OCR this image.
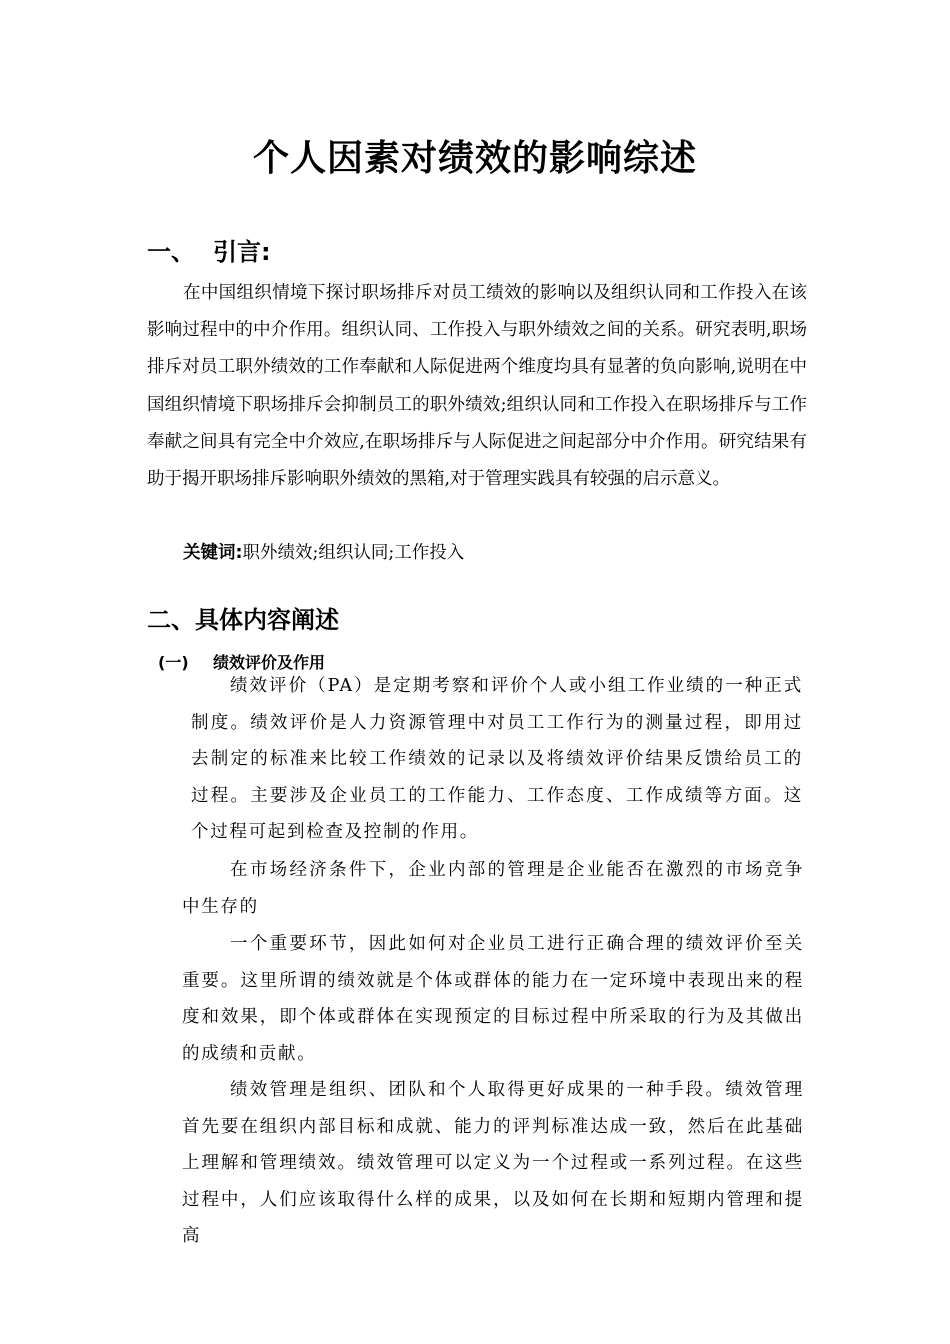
个人因素对绩效的影响综述
一、 引言:

在中国组织情境下探讨职场排斥对员工绩效的影响以及组织认同和工作投入在该影响过程中的中介作用。组织认同、工作投入与职外绩效之间的关系。研究表明,职场排斥对员工职外绩效的工作奉献和人际促进两个维度均具有显著的负向影响,说明在中国组织情境下职场排斥会抑制员工的职外绩效;组织认同和工作投入在职场排斥与工作奉献之间具有完全中介效应,在职场排斥与人际促进之间起部分中介作用。研究结果有助于揭开职场排斥影响职外绩效的黑箱,对于管理实践具有较强的启示意义。

关键词:职外绩效;组织认同;工作投入

二、具体内容阐述
(一) 绩效评价及作用

绩效评价（PA）是定期考察和评价个人或小组工作业绩的一种正式制度。绩效评价是人力资源管理中对员工工作行为的测量过程，即用过去制定的标准来比较工作绩效的记录以及将绩效评价结果反馈给员工的过程。主要涉及企业员工的工作能力、工作态度、工作成绩等方面。这个过程可起到检查及控制的作用。

在市场经济条件下，企业内部的管理是企业能否在激烈的市场竞争中生存的

一个重要环节，因此如何对企业员工进行正确合理的绩效评价至关重要。这里所谓的绩效就是个体或群体的能力在一定环境中表现出来的程度和效果，即个体或群体在实现预定的目标过程中所采取的行为及其做出的成绩和贡献。

绩效管理是组织、团队和个人取得更好成果的一种手段。绩效管理首先要在组织内部目标和成就、能力的评判标准达成一致，然后在此基础上理解和管理绩效。绩效管理可以定义为一个过程或一系列过程。在这些过程中，人们应该取得什么样的成果，以及如何在长期和短期内管理和提高
